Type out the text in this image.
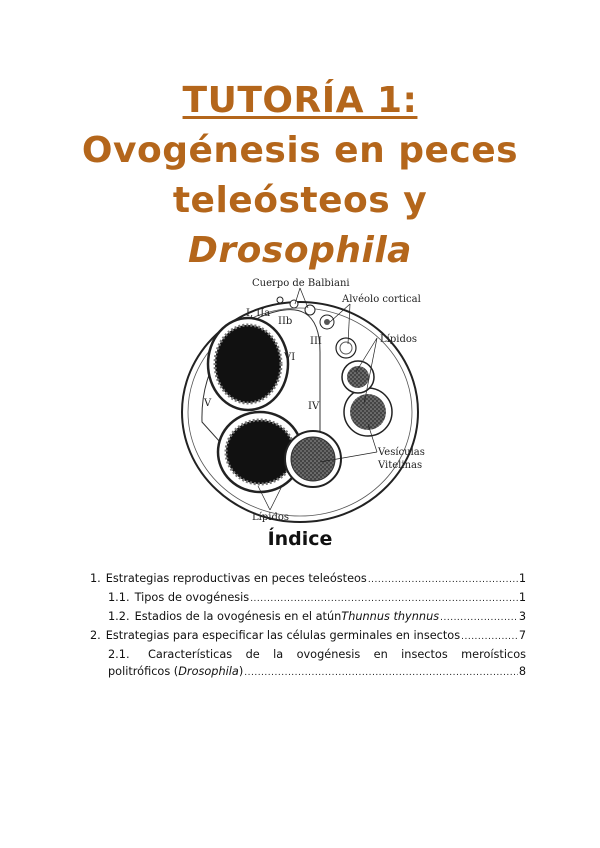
TUTORÍA 1:
Ovogénesis en peces
teleósteos y
Drosophila
Cuerpo de Balbiani
Alvéolo cortical
Lípidos
Vesículas
Vitelinas
Lípidos
I, IIa
IIb
III
IV
V
VI
Índice
1. Estrategias reproductivas en peces teleósteos .....	1
1.1. Tipos de ovogénesis .....	1
1.2. Estadios de la ovogénesis en el atún Thunnus thynnus .....	3
2. Estrategias para especificar las células germinales en insectos .....	7
2.1. Características de la ovogénesis en insectos meroísticos
politróficos ( Drosophila ) .....	8
